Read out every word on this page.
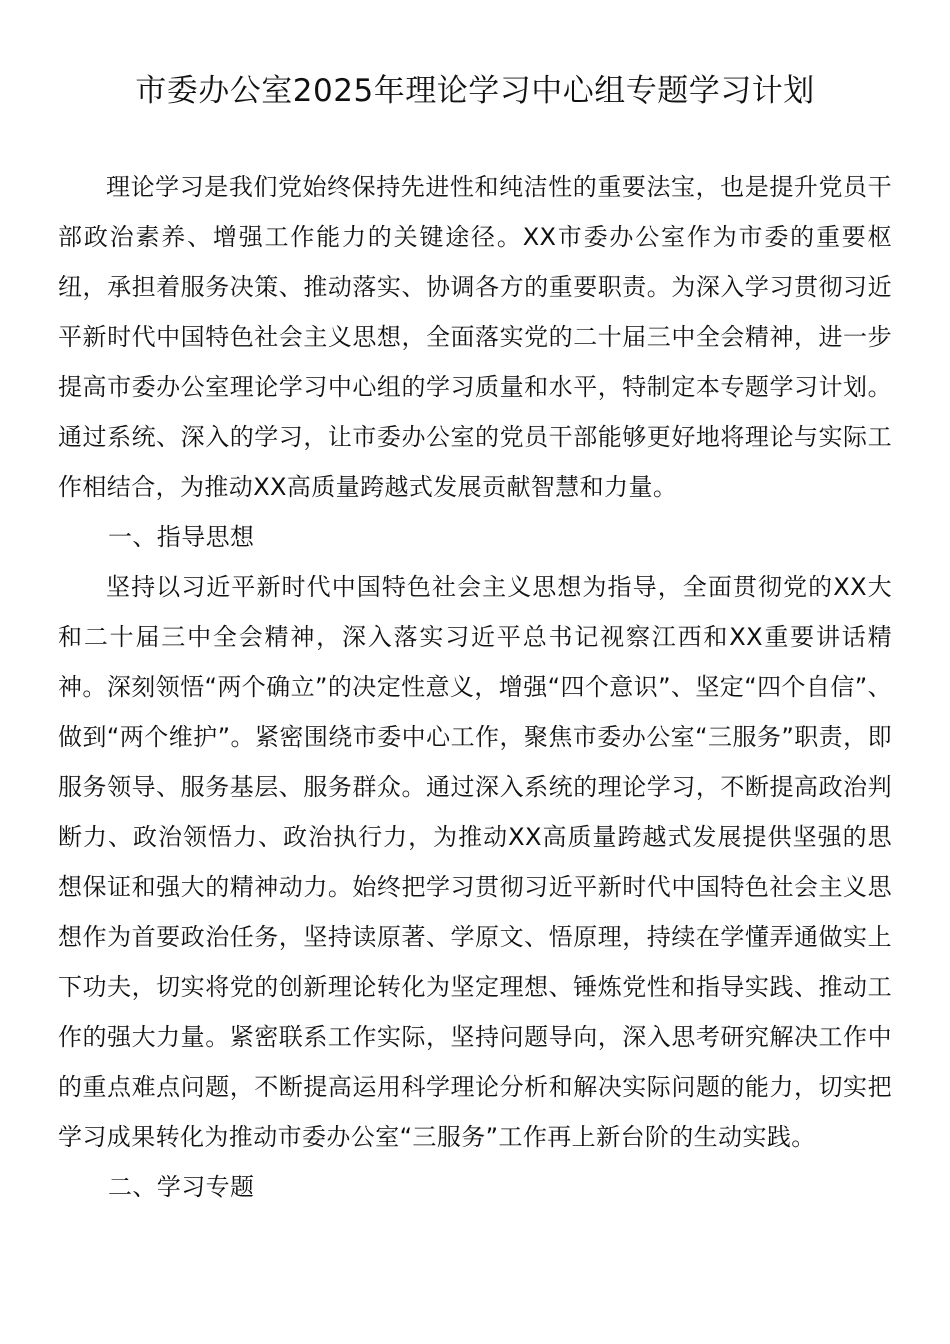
市委办公室2025年理论学习中心组专题学习计划

理论学习是我们党始终保持先进性和纯洁性的重要法宝，也是提升党员干部政治素养、增强工作能力的关键途径。XX市委办公室作为市委的重要枢纽，承担着服务决策、推动落实、协调各方的重要职责。为深入学习贯彻习近平新时代中国特色社会主义思想，全面落实党的二十届三中全会精神，进一步提高市委办公室理论学习中心组的学习质量和水平，特制定本专题学习计划。通过系统、深入的学习，让市委办公室的党员干部能够更好地将理论与实际工作相结合，为推动XX高质量跨越式发展贡献智慧和力量。

一、指导思想

坚持以习近平新时代中国特色社会主义思想为指导，全面贯彻党的XX大和二十届三中全会精神，深入落实习近平总书记视察江西和XX重要讲话精神。深刻领悟“两个确立”的决定性意义，增强“四个意识”、坚定“四个自信”、做到“两个维护”。紧密围绕市委中心工作，聚焦市委办公室“三服务”职责，即服务领导、服务基层、服务群众。通过深入系统的理论学习，不断提高政治判断力、政治领悟力、政治执行力，为推动XX高质量跨越式发展提供坚强的思想保证和强大的精神动力。始终把学习贯彻习近平新时代中国特色社会主义思想作为首要政治任务，坚持读原著、学原文、悟原理，持续在学懂弄通做实上下功夫，切实将党的创新理论转化为坚定理想、锤炼党性和指导实践、推动工作的强大力量。紧密联系工作实际，坚持问题导向，深入思考研究解决工作中的重点难点问题，不断提高运用科学理论分析和解决实际问题的能力，切实把学习成果转化为推动市委办公室“三服务”工作再上新台阶的生动实践。

二、学习专题
